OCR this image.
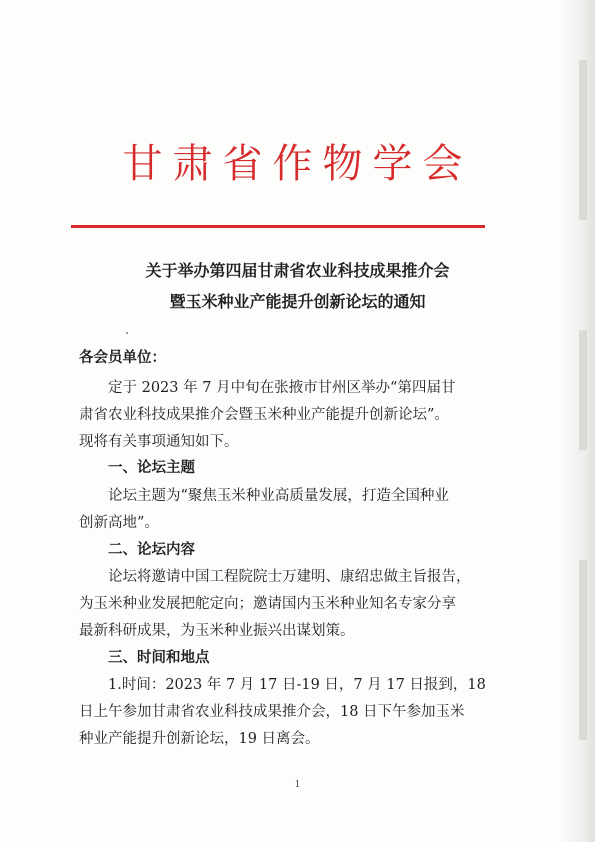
甘肃省作物学会
关于举办第四届甘肃省农业科技成果推介会
暨玉米种业产能提升创新论坛的通知
各会员单位：
定于 2023 年 7 月中旬在张掖市甘州区举办“第四届甘
肃省农业科技成果推介会暨玉米种业产能提升创新论坛”。
现将有关事项通知如下。
一、论坛主题
论坛主题为“聚焦玉米种业高质量发展，打造全国种业
创新高地”。
二、论坛内容
论坛将邀请中国工程院院士万建明、康绍忠做主旨报告，
为玉米种业发展把舵定向；邀请国内玉米种业知名专家分享
最新科研成果，为玉米种业振兴出谋划策。
三、时间和地点
1.时间：2023 年 7 月 17 日-19 日，7 月 17 日报到，18
日上午参加甘肃省农业科技成果推介会，18 日下午参加玉米
种业产能提升创新论坛，19 日离会。
1
